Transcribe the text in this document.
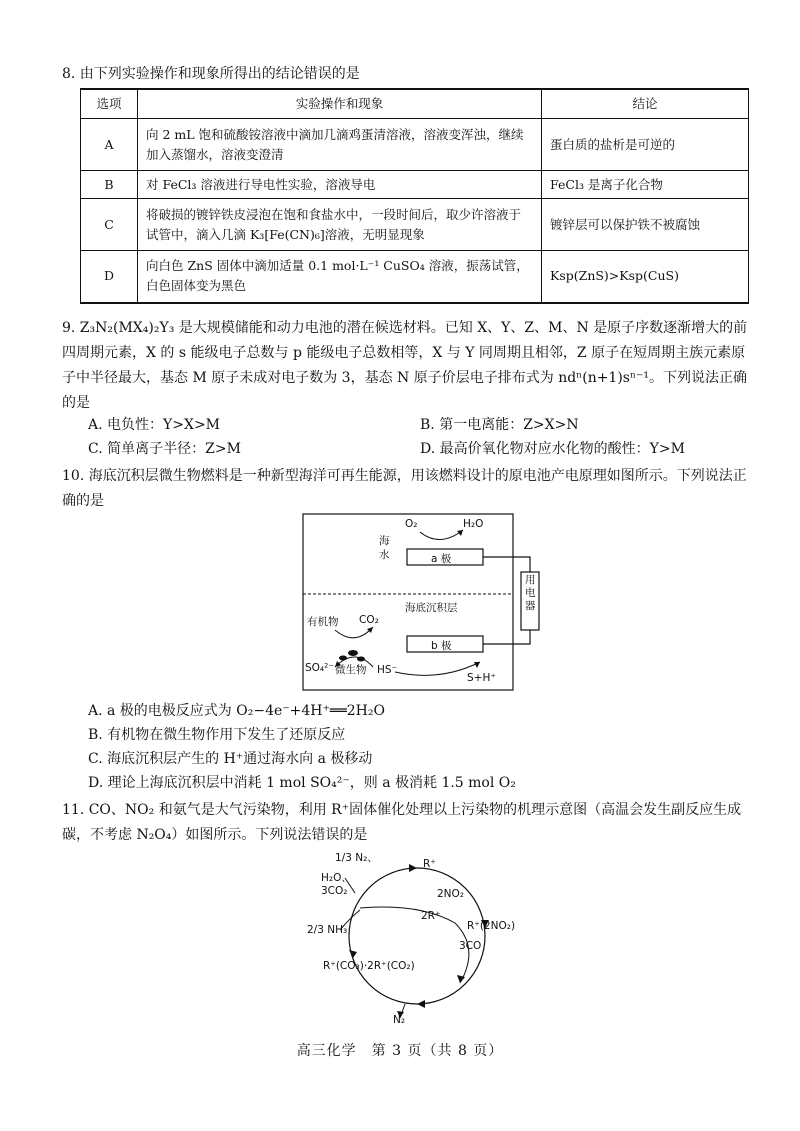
8. 由下列实验操作和现象所得出的结论错误的是
选项	实验操作和现象	结论
A	向 2 mL 饱和硫酸铵溶液中滴加几滴鸡蛋清溶液，溶液变浑浊，继续加入蒸馏水，溶液变澄清	蛋白质的盐析是可逆的
B	对 FeCl₃ 溶液进行导电性实验，溶液导电	FeCl₃ 是离子化合物
C	将破损的镀锌铁皮浸泡在饱和食盐水中，一段时间后，取少许溶液于试管中，滴入几滴 K₃[Fe(CN)₆]溶液，无明显现象	镀锌层可以保护铁不被腐蚀
D	向白色 ZnS 固体中滴加适量 0.1 mol·L⁻¹ CuSO₄ 溶液，振荡试管，白色固体变为黑色	Ksp(ZnS)>Ksp(CuS)
9. Z₃N₂(MX₄)₂Y₃ 是大规模储能和动力电池的潜在候选材料。已知 X、Y、Z、M、N 是原子序数逐渐增大的前四周期元素，X 的 s 能级电子总数与 p 能级电子总数相等，X 与 Y 同周期且相邻，Z 原子在短周期主族元素原子中半径最大，基态 M 原子未成对电子数为 3，基态 N 原子价层电子排布式为 ndⁿ(n+1)sⁿ⁻¹。下列说法正确的是
A. 电负性：Y>X>M	B. 第一电离能：Z>X>N
C. 简单离子半径：Z>M	D. 最高价氧化物对应水化物的酸性：Y>M
10. 海底沉积层微生物燃料是一种新型海洋可再生能源，用该燃料设计的原电池产电原理如图所示。下列说法正确的是
O₂	H₂O
海水	a 极
海底沉积层
用电器
有机物 CO₂
b 极
SO₄²⁻ 微生物 HS⁻
S+H⁺
A. a 极的电极反应式为 O₂−4e⁻+4H⁺══2H₂O
B. 有机物在微生物作用下发生了还原反应
C. 海底沉积层产生的 H⁺通过海水向 a 极移动
D. 理论上海底沉积层中消耗 1 mol SO₄²⁻，则 a 极消耗 1.5 mol O₂
11. CO、NO₂ 和氨气是大气污染物，利用 R⁺固体催化处理以上污染物的机理示意图（高温会发生副反应生成碳，不考虑 N₂O₄）如图所示。下列说法错误的是
1/3 N₂、
H₂O、3CO₂
R⁺
2NO₂
2R⁺
R⁺(2NO₂)
2/3 NH₃
3CO
R⁺(CO₃)·2R⁺(CO₂)
N₂
高三化学　第 3 页（共 8 页）
